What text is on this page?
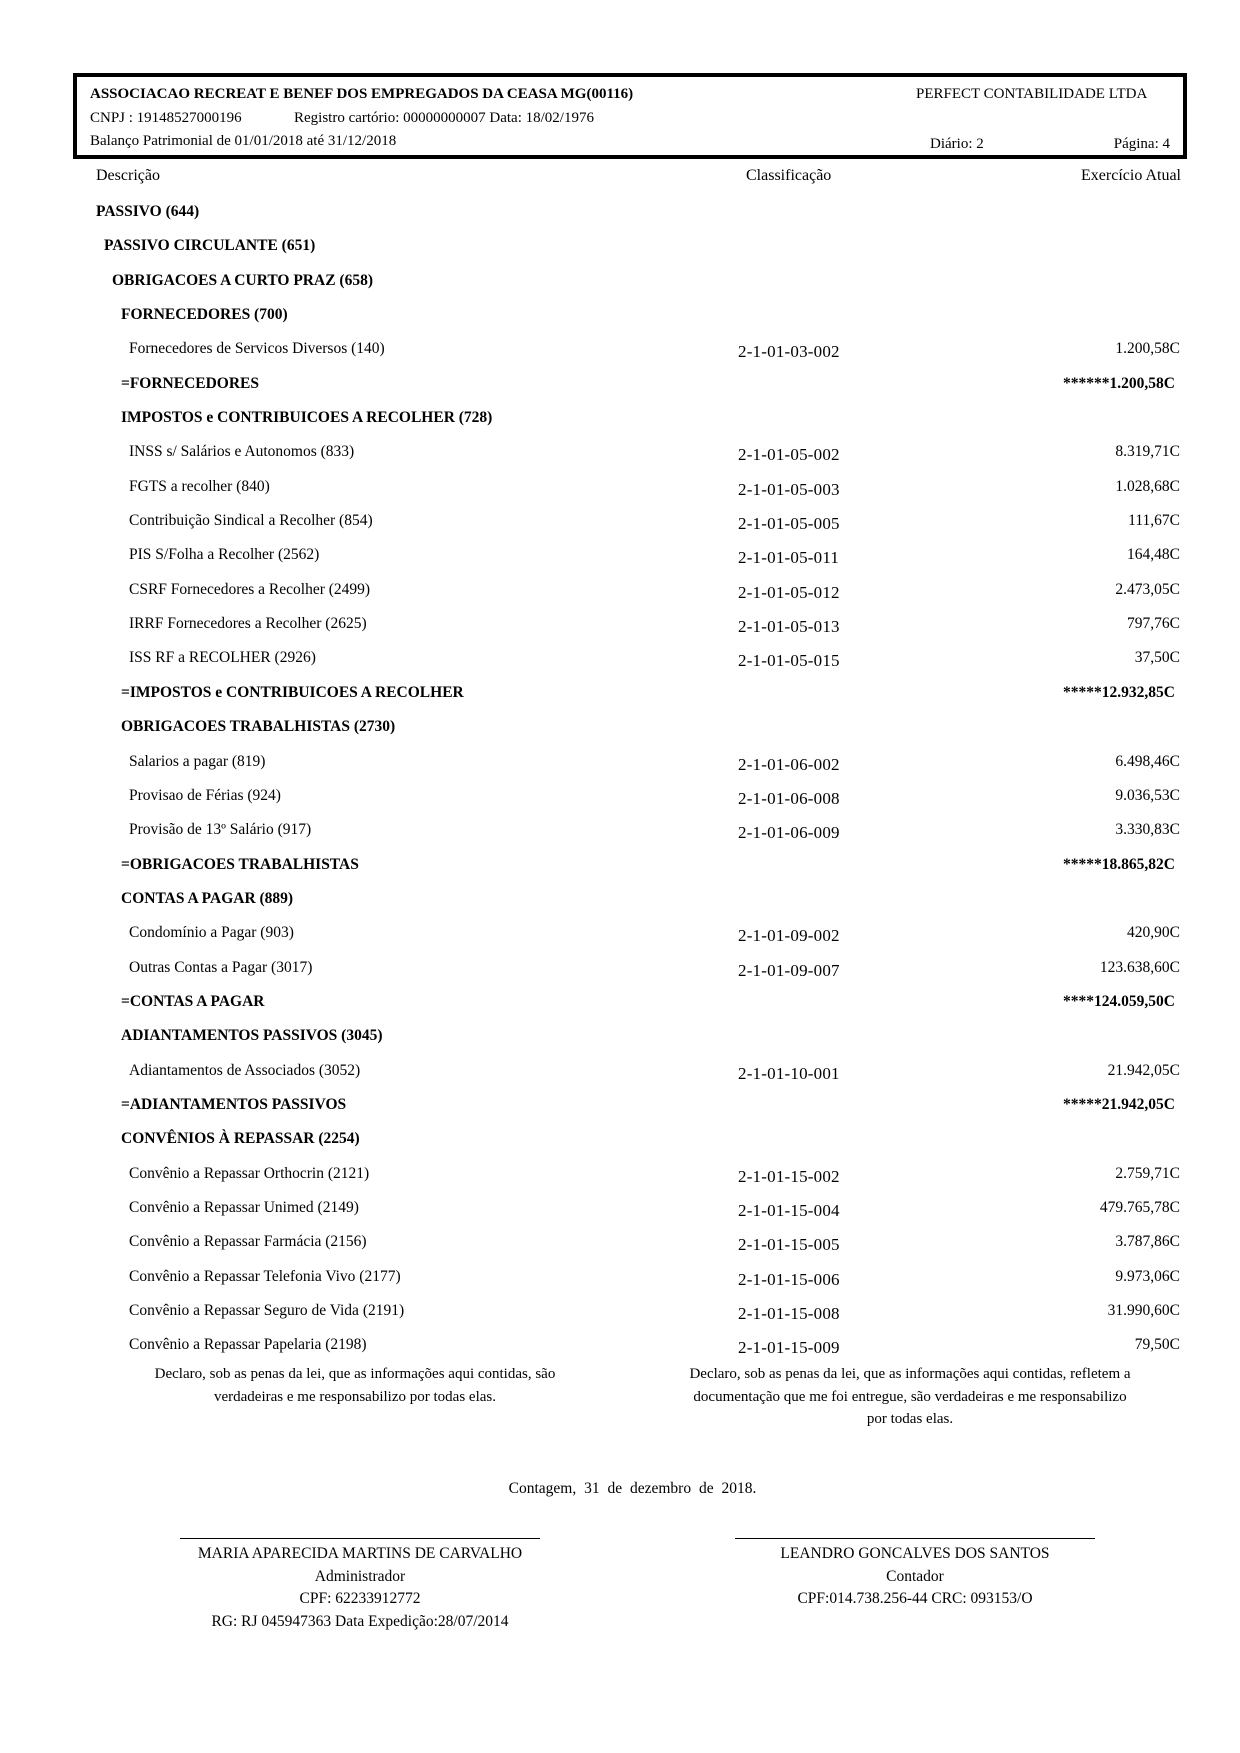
ASSOCIACAO RECREAT E BENEF DOS EMPREGADOS DA CEASA MG(00116)	PERFECT CONTABILIDADE LTDA
CNPJ : 19148527000196	Registro cartório: 00000000007 Data: 18/02/1976
Balanço Patrimonial de 01/01/2018 até 31/12/2018	Diário: 2	Página: 4
Descrição	Classificação	Exercício Atual
PASSIVO (644)
PASSIVO CIRCULANTE (651)
OBRIGACOES A CURTO PRAZ (658)
FORNECEDORES (700)
Fornecedores de Servicos Diversos (140)	2-1-01-03-002	1.200,58C
=FORNECEDORES	******1.200,58C
IMPOSTOS e CONTRIBUICOES A RECOLHER (728)
INSS s/ Salários e Autonomos (833)	2-1-01-05-002	8.319,71C
FGTS a recolher (840)	2-1-01-05-003	1.028,68C
Contribuição Sindical a Recolher (854)	2-1-01-05-005	111,67C
PIS S/Folha a Recolher (2562)	2-1-01-05-011	164,48C
CSRF Fornecedores a Recolher (2499)	2-1-01-05-012	2.473,05C
IRRF Fornecedores a Recolher (2625)	2-1-01-05-013	797,76C
ISS RF a RECOLHER (2926)	2-1-01-05-015	37,50C
=IMPOSTOS e CONTRIBUICOES A RECOLHER	*****12.932,85C
OBRIGACOES TRABALHISTAS (2730)
Salarios a pagar (819)	2-1-01-06-002	6.498,46C
Provisao de Férias (924)	2-1-01-06-008	9.036,53C
Provisão de 13º Salário (917)	2-1-01-06-009	3.330,83C
=OBRIGACOES TRABALHISTAS	*****18.865,82C
CONTAS A PAGAR (889)
Condomínio a Pagar (903)	2-1-01-09-002	420,90C
Outras Contas a Pagar (3017)	2-1-01-09-007	123.638,60C
=CONTAS A PAGAR	****124.059,50C
ADIANTAMENTOS PASSIVOS (3045)
Adiantamentos de Associados (3052)	2-1-01-10-001	21.942,05C
=ADIANTAMENTOS PASSIVOS	*****21.942,05C
CONVÊNIOS À REPASSAR (2254)
Convênio a Repassar Orthocrin (2121)	2-1-01-15-002	2.759,71C
Convênio a Repassar Unimed (2149)	2-1-01-15-004	479.765,78C
Convênio a Repassar Farmácia (2156)	2-1-01-15-005	3.787,86C
Convênio a Repassar Telefonia Vivo (2177)	2-1-01-15-006	9.973,06C
Convênio a Repassar Seguro de Vida (2191)	2-1-01-15-008	31.990,60C
Convênio a Repassar Papelaria (2198)	2-1-01-15-009	79,50C
Declaro, sob as penas da lei, que as informações aqui contidas, são
verdadeiras e me responsabilizo por todas elas.
Declaro, sob as penas da lei, que as informações aqui contidas, refletem a
documentação que me foi entregue, são verdadeiras e me responsabilizo
por todas elas.
Contagem, 31 de dezembro de 2018.
MARIA APARECIDA MARTINS DE CARVALHO
Administrador
CPF: 62233912772
RG: RJ 045947363 Data Expedição:28/07/2014
LEANDRO GONCALVES DOS SANTOS
Contador
CPF:014.738.256-44 CRC: 093153/O
